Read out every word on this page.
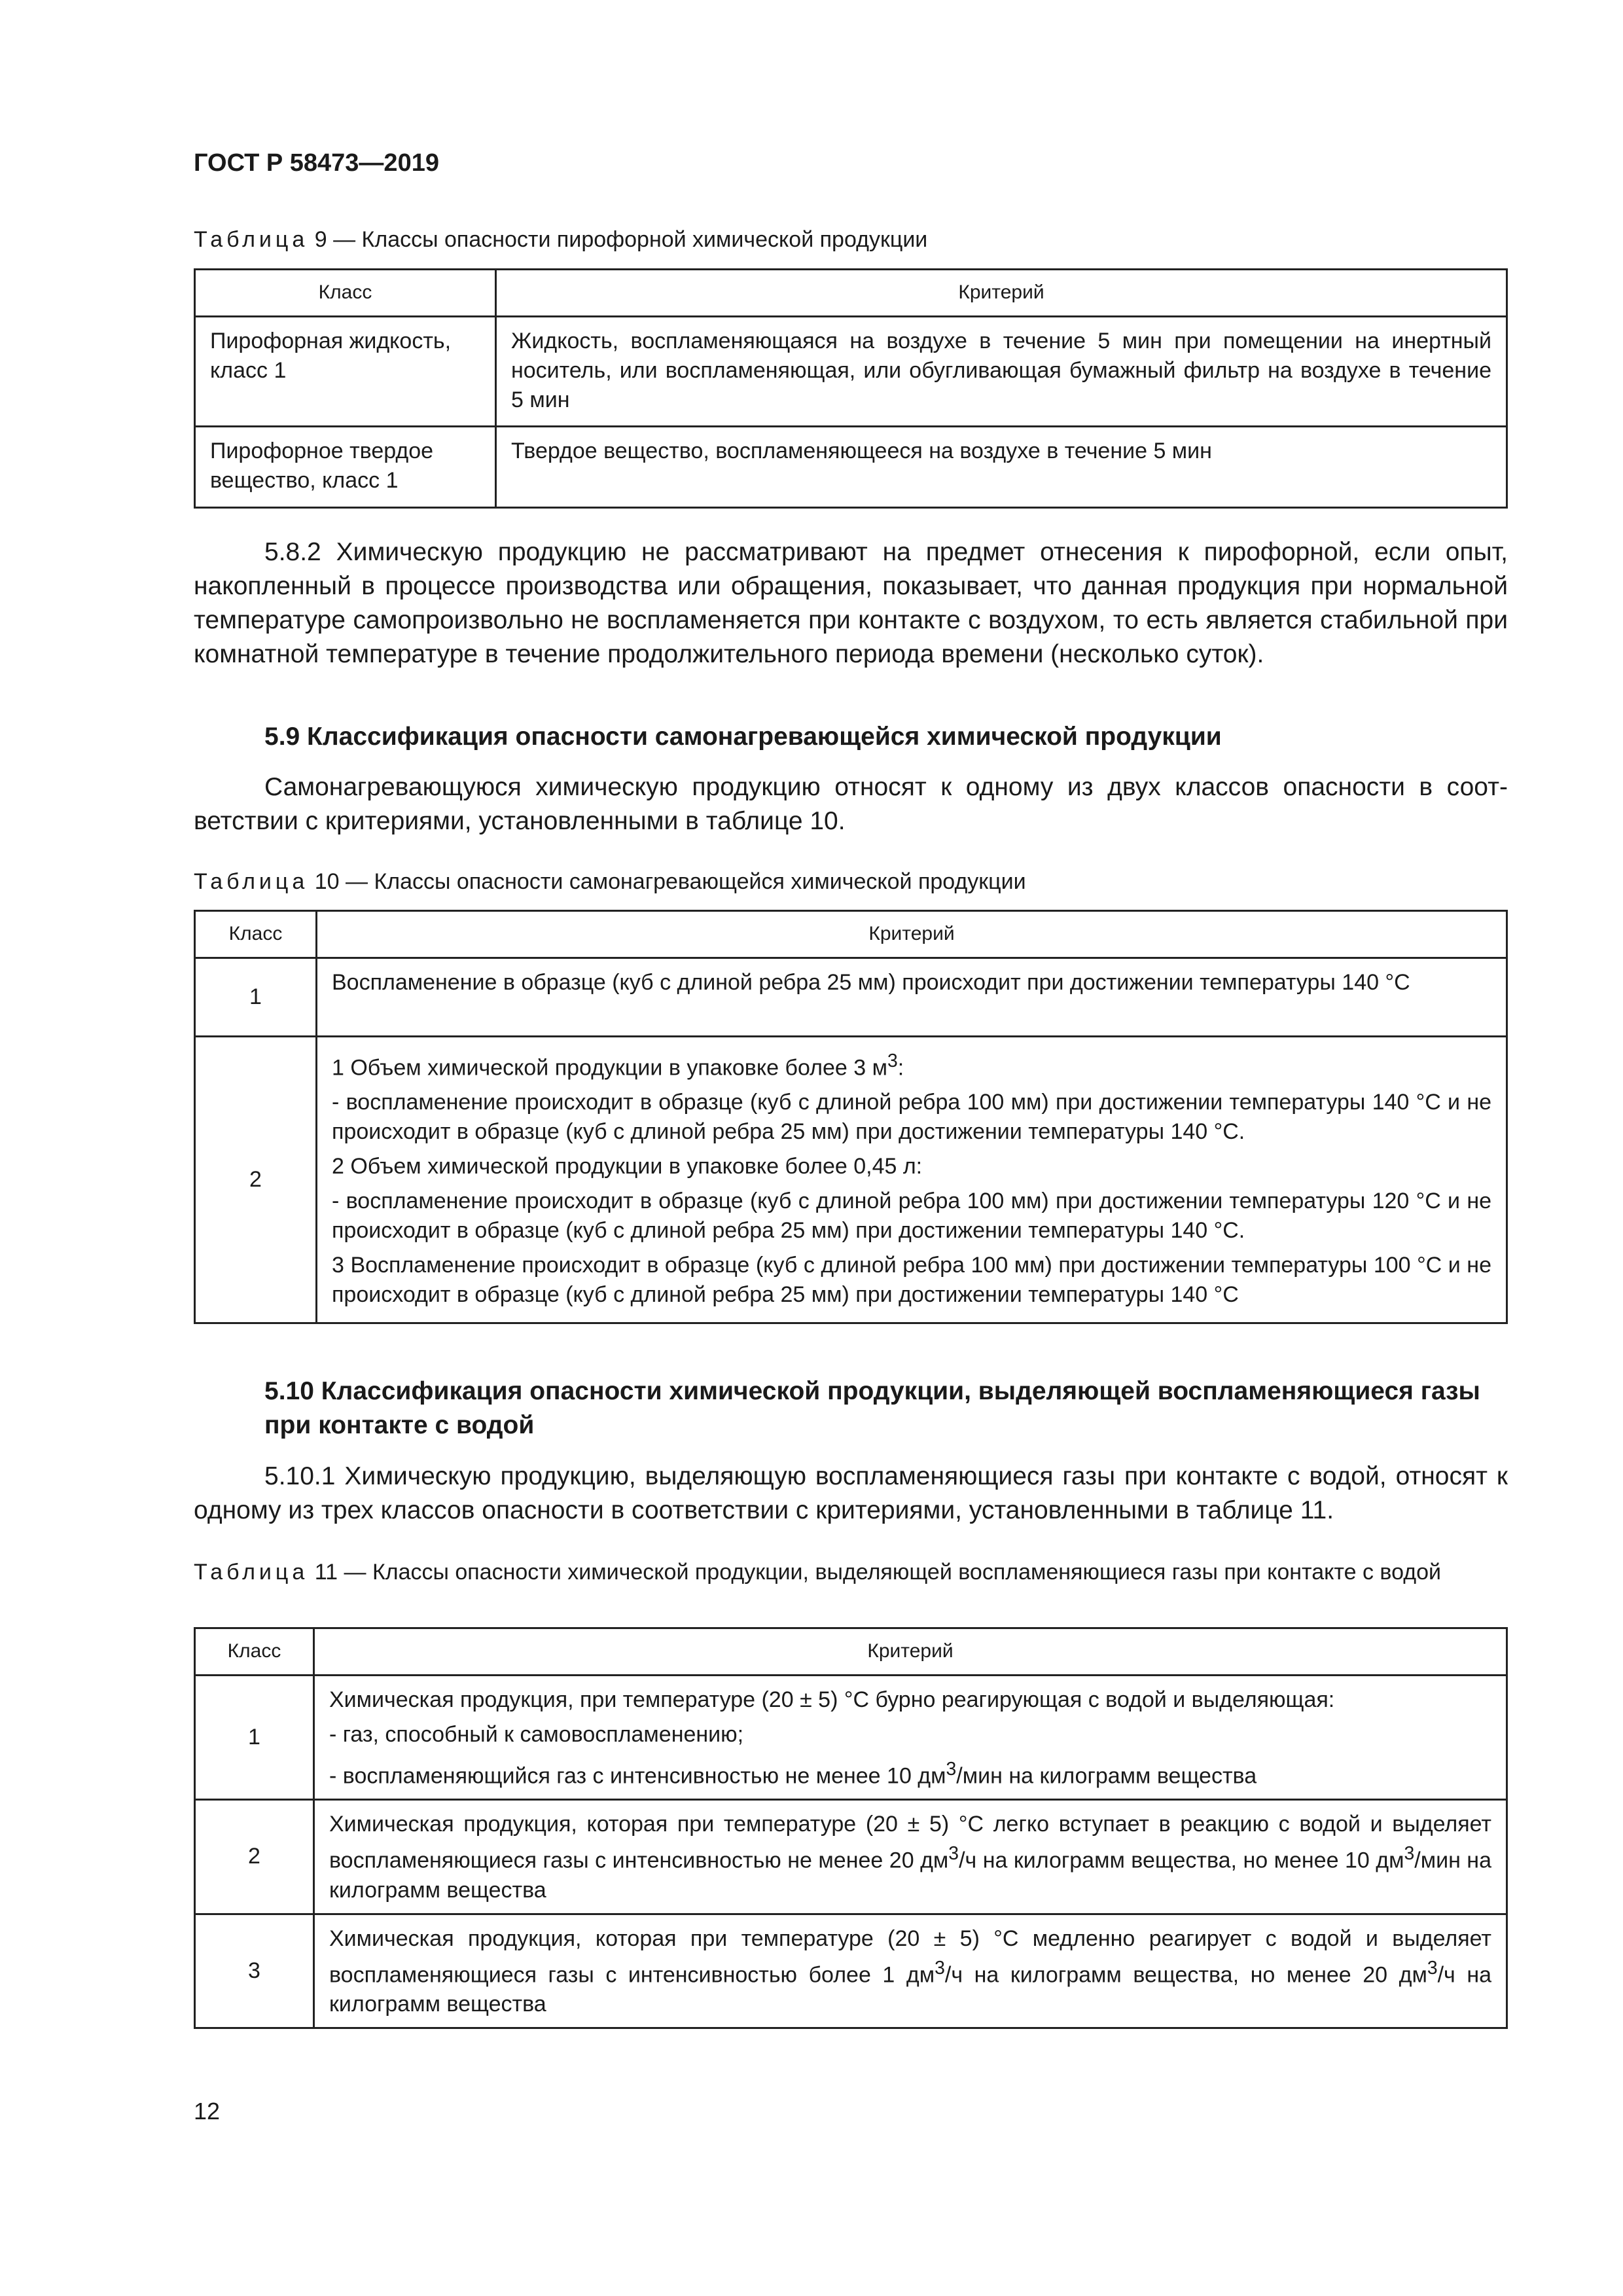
ГОСТ Р 58473—2019
Таблица 9 — Классы опасности пирофорной химической продукции
Класс	Критерий
Пирофорная жидкость, класс 1	Жидкость, воспламеняющаяся на воздухе в течение 5 мин при помещении на инертный носитель, или воспламеняющая, или обугливающая бумажный фильтр на воздухе в течение 5 мин
Пирофорное твердое вещество, класс 1	Твердое вещество, воспламеняющееся на воздухе в течение 5 мин
5.8.2 Химическую продукцию не рассматривают на предмет отнесения к пирофорной, если опыт, накопленный в процессе производства или обращения, показывает, что данная продукция при нормальной температуре самопроизвольно не воспламеняется при контакте с воздухом, то есть является стабильной при комнатной температуре в течение продолжительного периода времени (несколько суток).
5.9 Классификация опасности самонагревающейся химической продукции
Самонагревающуюся химическую продукцию относят к одному из двух классов опасности в соответствии с критериями, установленными в таблице 10.
Таблица 10 — Классы опасности самонагревающейся химической продукции
Класс	Критерий
1	Воспламенение в образце (куб с длиной ребра 25 мм) происходит при достижении температуры 140 °C
2	1 Объем химической продукции в упаковке более 3 $м^3$:
- воспламенение происходит в образце (куб с длиной ребра 100 мм) при достижении температуры 140 °C и не происходит в образце (куб с длиной ребра 25 мм) при достижении температуры 140 °C.
2 Объем химической продукции в упаковке более 0,45 л:
- воспламенение происходит в образце (куб с длиной ребра 100 мм) при достижении температуры 120 °C и не происходит в образце (куб с длиной ребра 25 мм) при достижении температуры 140 °C.
3 Воспламенение происходит в образце (куб с длиной ребра 100 мм) при достижении температуры 100 °C и не происходит в образце (куб с длиной ребра 25 мм) при достижении температуры 140 °C
5.10 Классификация опасности химической продукции, выделяющей воспламеняющиеся газы при контакте с водой
5.10.1 Химическую продукцию, выделяющую воспламеняющиеся газы при контакте с водой, относят к одному из трех классов опасности в соответствии с критериями, установленными в таблице 11.
Таблица 11 — Классы опасности химической продукции, выделяющей воспламеняющиеся газы при контакте с водой
Класс	Критерий
1	Химическая продукция, при температуре (20 ± 5) °C бурно реагирующая с водой и выделяющая:
- газ, способный к самовоспламенению;
- воспламеняющийся газ с интенсивностью не менее 10 $дм^3$/мин на килограмм вещества

2	Химическая продукция, которая при температуре (20 ± 5) °C легко вступает в реакцию с водой и выделяет воспламеняющиеся газы с интенсивностью не менее 20 $дм^3/ч$ на килограмм вещества, но менее 10 $дм^3$/мин на килограмм вещества
3	Химическая продукция, которая при температуре (20 ± 5) °C медленно реагирует с водой и выделяет воспламеняющиеся газы с интенсивностью более 1 $дм^3/ч$ на килограмм вещества, но менее 20 $дм^3/ч$ на килограмм вещества
12
